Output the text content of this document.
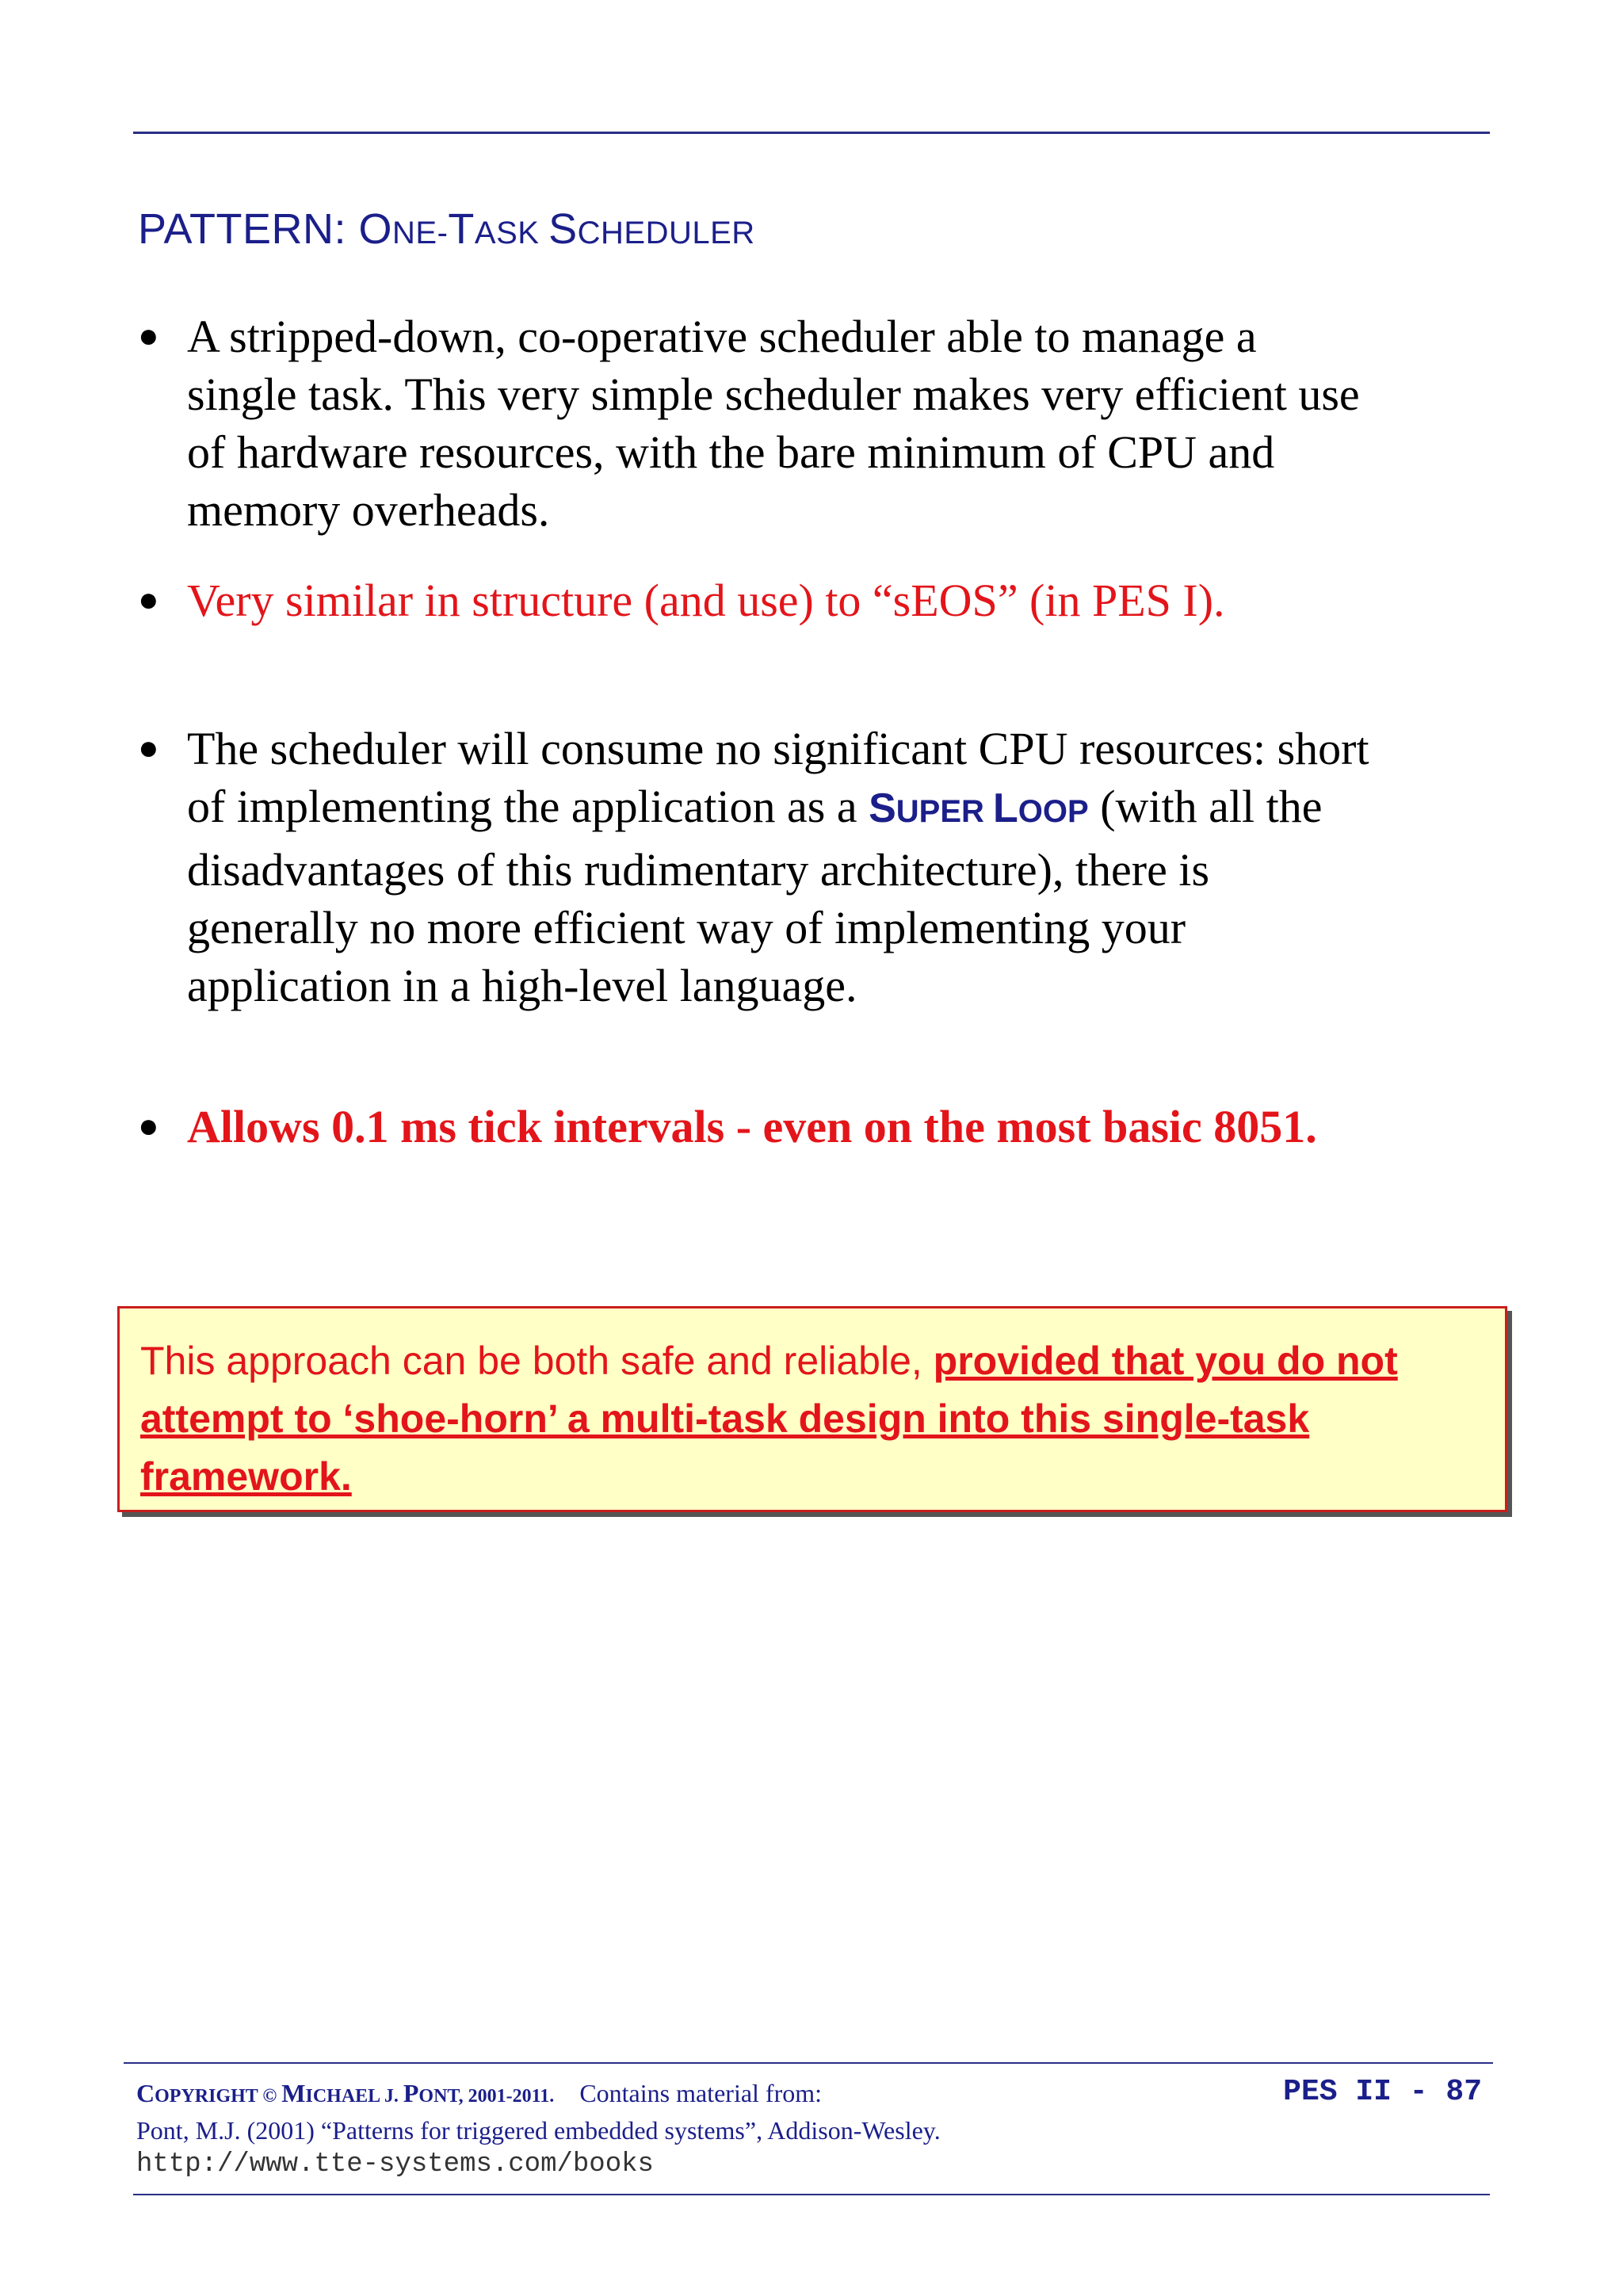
PATTERN: ONE-TASK SCHEDULER
● A stripped-down, co-operative scheduler able to manage a single task. This very simple scheduler makes very efficient use of hardware resources, with the bare minimum of CPU and memory overheads.
● Very similar in structure (and use) to “sEOS” (in PES I).
● The scheduler will consume no significant CPU resources: short of implementing the application as a SUPER LOOP (with all the disadvantages of this rudimentary architecture), there is generally no more efficient way of implementing your application in a high-level language.
● Allows 0.1 ms tick intervals - even on the most basic 8051.
This approach can be both safe and reliable, provided that you do not attempt to ‘shoe-horn’ a multi-task design into this single-task framework.
COPYRIGHT © MICHAEL J. PONT, 2001-2011.    Contains material from:
Pont, M.J. (2001) “Patterns for triggered embedded systems”, Addison-Wesley.
http://www.tte-systems.com/books
PES II - 87
